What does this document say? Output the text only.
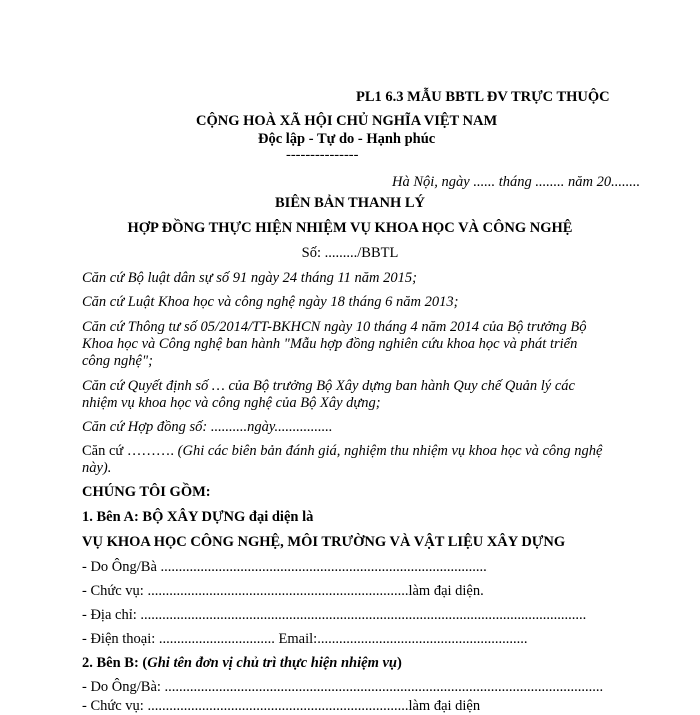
PL1 6.3 MẪU BBTL ĐV TRỰC THUỘC
CỘNG HOÀ XÃ HỘI CHỦ NGHĨA VIỆT NAM
Độc lập - Tự do - Hạnh phúc
---------------
Hà Nội, ngày ...... tháng ........ năm 20........
BIÊN BẢN THANH LÝ
HỢP ĐỒNG THỰC HIỆN NHIỆM VỤ KHOA HỌC VÀ CÔNG NGHỆ
Số: ........./BBTL
Căn cứ Bộ luật dân sự số 91 ngày 24 tháng 11 năm 2015;
Căn cứ Luật Khoa học và công nghệ ngày 18 tháng 6 năm 2013;
Căn cứ Thông tư số 05/2014/TT-BKHCN ngày 10 tháng 4 năm 2014 của Bộ trưởng Bộ
Khoa học và Công nghệ ban hành "Mẫu hợp đồng nghiên cứu khoa học và phát triển
công nghệ";
Căn cứ Quyết định số … của Bộ trưởng Bộ Xây dựng ban hành Quy chế Quản lý các
nhiệm vụ khoa học và công nghệ của Bộ Xây dựng;
Căn cứ Hợp đồng số: ..........ngày................
Căn cứ ………. (Ghi các biên bản đánh giá, nghiệm thu nhiệm vụ khoa học và công nghệ
này).
CHÚNG TÔI GỒM:
1. Bên A: BỘ XÂY DỰNG đại diện là
VỤ KHOA HỌC CÔNG NGHỆ, MÔI TRƯỜNG VÀ VẬT LIỆU XÂY DỰNG
- Do Ông/Bà ..........................................................................................
- Chức vụ: ........................................................................làm đại diện.
- Địa chỉ: ...........................................................................................................................
- Điện thoại: ................................ Email:..........................................................
2. Bên B: (Ghi tên đơn vị chủ trì thực hiện nhiệm vụ)
- Do Ông/Bà: .........................................................................................................................
- Chức vụ: ........................................................................làm đại diện
